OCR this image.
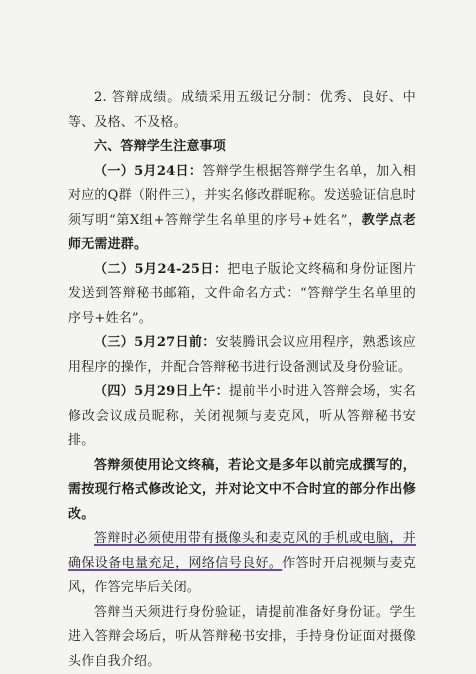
2. 答辩成绩。成绩采用五级记分制：优秀、良好、中等、及格、不及格。

六、答辩学生注意事项

（一）5月24日：答辩学生根据答辩学生名单，加入相对应的Q群（附件三），并实名修改群昵称。发送验证信息时须写明“第X组+答辩学生名单里的序号+姓名”，教学点老师无需进群。

（二）5月24-25日：把电子版论文终稿和身份证图片发送到答辩秘书邮箱，文件命名方式：“答辩学生名单里的序号+姓名”。

（三）5月27日前：安装腾讯会议应用程序，熟悉该应用程序的操作，并配合答辩秘书进行设备测试及身份验证。

（四）5月29日上午：提前半小时进入答辩会场，实名修改会议成员昵称，关闭视频与麦克风，听从答辩秘书安排。

答辩须使用论文终稿，若论文是多年以前完成撰写的，需按现行格式修改论文，并对论文中不合时宜的部分作出修改。

答辩时必须使用带有摄像头和麦克风的手机或电脑，并确保设备电量充足，网络信号良好。作答时开启视频与麦克风，作答完毕后关闭。

答辩当天须进行身份验证，请提前准备好身份证。学生进入答辩会场后，听从答辩秘书安排，手持身份证面对摄像头作自我介绍。
